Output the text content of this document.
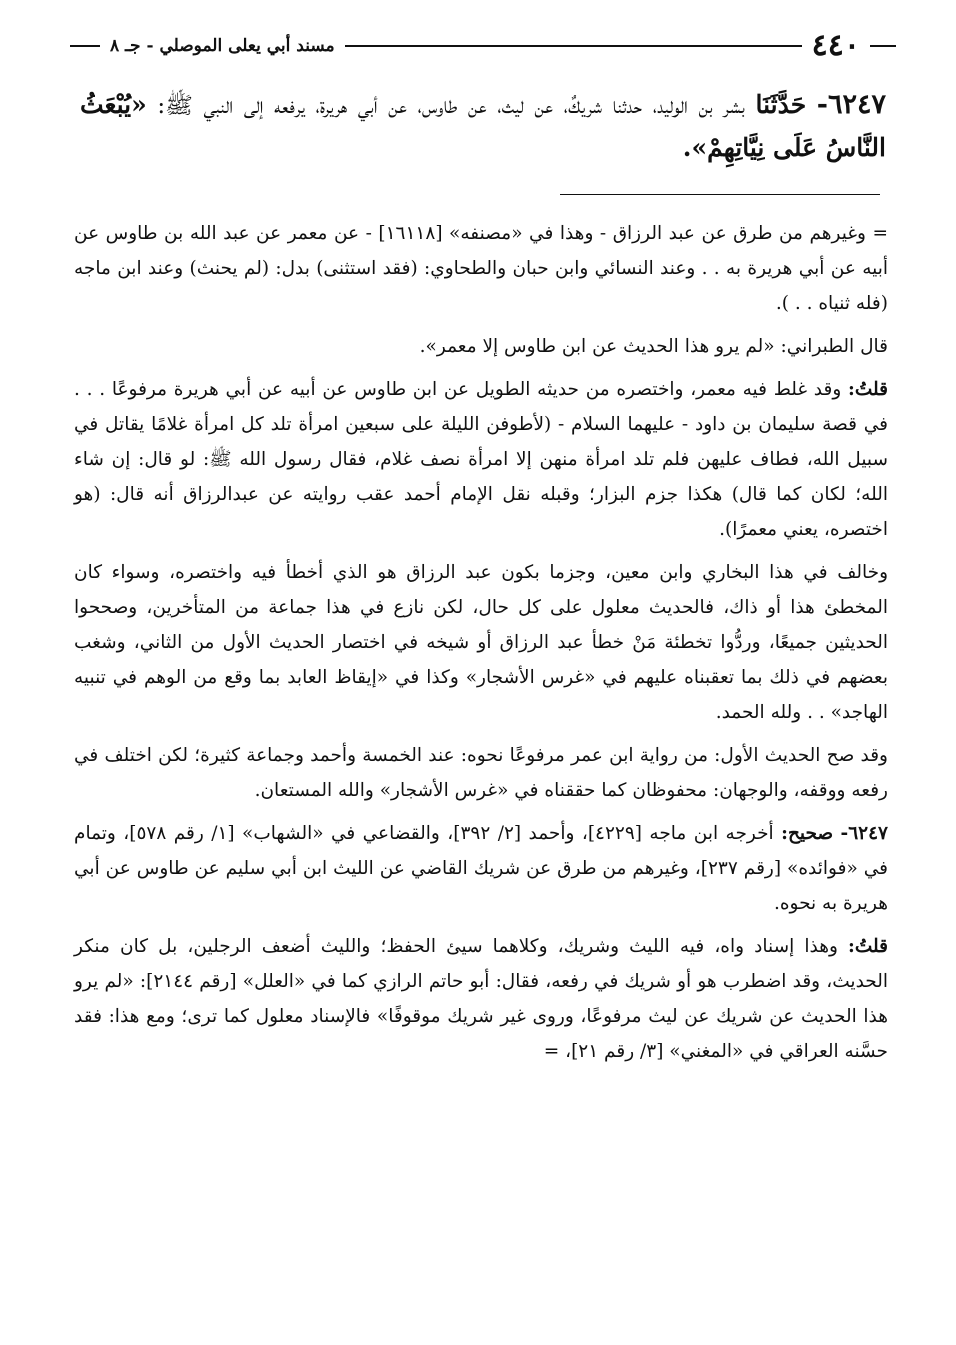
٤٤٠
مسند أبي يعلى الموصلي - جـ ٨
٦٢٤٧- حَدَّثَنَا بشر بن الوليد، حدثنا شريكٌ، عن ليث، عن طاوس، عن أبي هريرة، يرفعه إلى النبي ﷺ: «يُبْعَثُ النَّاسُ عَلَى نِيَّاتِهِمْ».

= وغيرهم من طرق عن عبد الرزاق - وهذا في «مصنفه» [١٦١١٨] - عن معمر عن عبد الله بن طاوس عن أبيه عن أبي هريرة به . . وعند النسائي وابن حبان والطحاوي: (فقد استثنى) بدل: (لم يحنث) وعند ابن ماجه (فله ثنياه . . ).

قال الطبراني: «لم يرو هذا الحديث عن ابن طاوس إلا معمر».

قلتُ: وقد غلط فيه معمر، واختصره من حديثه الطويل عن ابن طاوس عن أبيه عن أبي هريرة مرفوعًا . . . في قصة سليمان بن داود - عليهما السلام - (لأطوفن الليلة على سبعين امرأة تلد كل امرأة غلامًا يقاتل في سبيل الله، فطاف عليهن فلم تلد امرأة منهن إلا امرأة نصف غلام، فقال رسول الله ﷺ: لو قال: إن شاء الله؛ لكان كما قال) هكذا جزم البزار؛ وقبله نقل الإمام أحمد عقب روايته عن عبدالرزاق أنه قال: (هو اختصره، يعني معمرًا).

وخالف في هذا البخاري وابن معين، وجزما بكون عبد الرزاق هو الذي أخطأ فيه واختصره، وسواء كان المخطئ هذا أو ذاك، فالحديث معلول على كل حال، لكن نازع في هذا جماعة من المتأخرين، وصححوا الحديثين جميعًا، وردُّوا تخطئة مَنْ خطأ عبد الرزاق أو شيخه في اختصار الحديث الأول من الثاني، وشغب بعضهم في ذلك بما تعقبناه عليهم في «غرس الأشجار» وكذا في «إيقاظ العابد بما وقع من الوهم في تنبيه الهاجد» . . ولله الحمد.

وقد صح الحديث الأول: من رواية ابن عمر مرفوعًا نحوه: عند الخمسة وأحمد وجماعة كثيرة؛ لكن اختلف في رفعه ووقفه، والوجهان: محفوظان كما حققناه في «غرس الأشجار» والله المستعان.

٦٢٤٧- صحيح: أخرجه ابن ماجه [٤٢٢٩]، وأحمد [٢/ ٣٩٢]، والقضاعي في «الشهاب» [١/ رقم ٥٧٨]، وتمام في «فوائده» [رقم ٢٣٧]، وغيرهم من طرق عن شريك القاضي عن الليث ابن أبي سليم عن طاوس عن أبي هريرة به نحوه.

قلتُ: وهذا إسناد واه، فيه الليث وشريك، وكلاهما سيئ الحفظ؛ والليث أضعف الرجلين، بل كان منكر الحديث، وقد اضطرب هو أو شريك في رفعه، فقال: أبو حاتم الرازي كما في «العلل» [رقم ٢١٤٤]: «لم يرو هذا الحديث عن شريك عن ليث مرفوعًا، وروى غير شريك موقوفًا» فالإسناد معلول كما ترى؛ ومع هذا: فقد حسَّنه العراقي في «المغني» [٣/ رقم ٢١]، =
